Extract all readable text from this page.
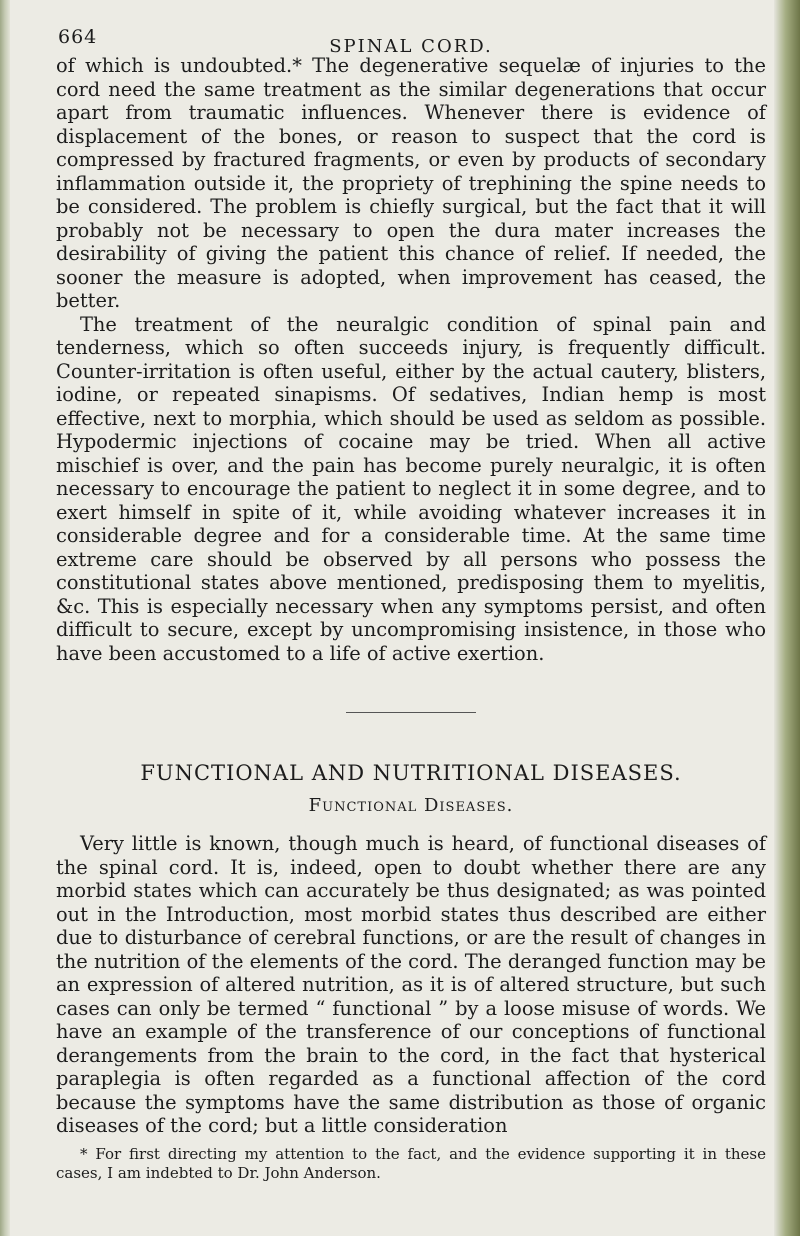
664	SPINAL CORD.

of which is undoubted.* The degenerative sequelæ of injuries to the cord need the same treatment as the similar degenerations that occur apart from traumatic influences. Whenever there is evidence of displacement of the bones, or reason to suspect that the cord is compressed by fractured fragments, or even by products of secondary inflammation outside it, the propriety of trephining the spine needs to be considered. The problem is chiefly surgical, but the fact that it will probably not be necessary to open the dura mater increases the desirability of giving the patient this chance of relief. If needed, the sooner the measure is adopted, when improvement has ceased, the better.

The treatment of the neuralgic condition of spinal pain and tenderness, which so often succeeds injury, is frequently difficult. Counter-irritation is often useful, either by the actual cautery, blisters, iodine, or repeated sinapisms. Of sedatives, Indian hemp is most effective, next to morphia, which should be used as seldom as possible. Hypodermic injections of cocaine may be tried. When all active mischief is over, and the pain has become purely neuralgic, it is often necessary to encourage the patient to neglect it in some degree, and to exert himself in spite of it, while avoiding whatever increases it in considerable degree and for a considerable time. At the same time extreme care should be observed by all persons who possess the constitutional states above mentioned, predisposing them to myelitis, &c. This is especially necessary when any symptoms persist, and often difficult to secure, except by uncompromising insistence, in those who have been accustomed to a life of active exertion.

FUNCTIONAL AND NUTRITIONAL DISEASES.
Functional Diseases.

Very little is known, though much is heard, of functional diseases of the spinal cord. It is, indeed, open to doubt whether there are any morbid states which can accurately be thus designated; as was pointed out in the Introduction, most morbid states thus described are either due to disturbance of cerebral functions, or are the result of changes in the nutrition of the elements of the cord. The deranged function may be an expression of altered nutrition, as it is of altered structure, but such cases can only be termed “ functional ” by a loose misuse of words. We have an example of the transference of our conceptions of functional derangements from the brain to the cord, in the fact that hysterical paraplegia is often regarded as a functional affection of the cord because the symptoms have the same distribution as those of organic diseases of the cord; but a little consideration

* For first directing my attention to the fact, and the evidence supporting it in these cases, I am indebted to Dr. John Anderson.
